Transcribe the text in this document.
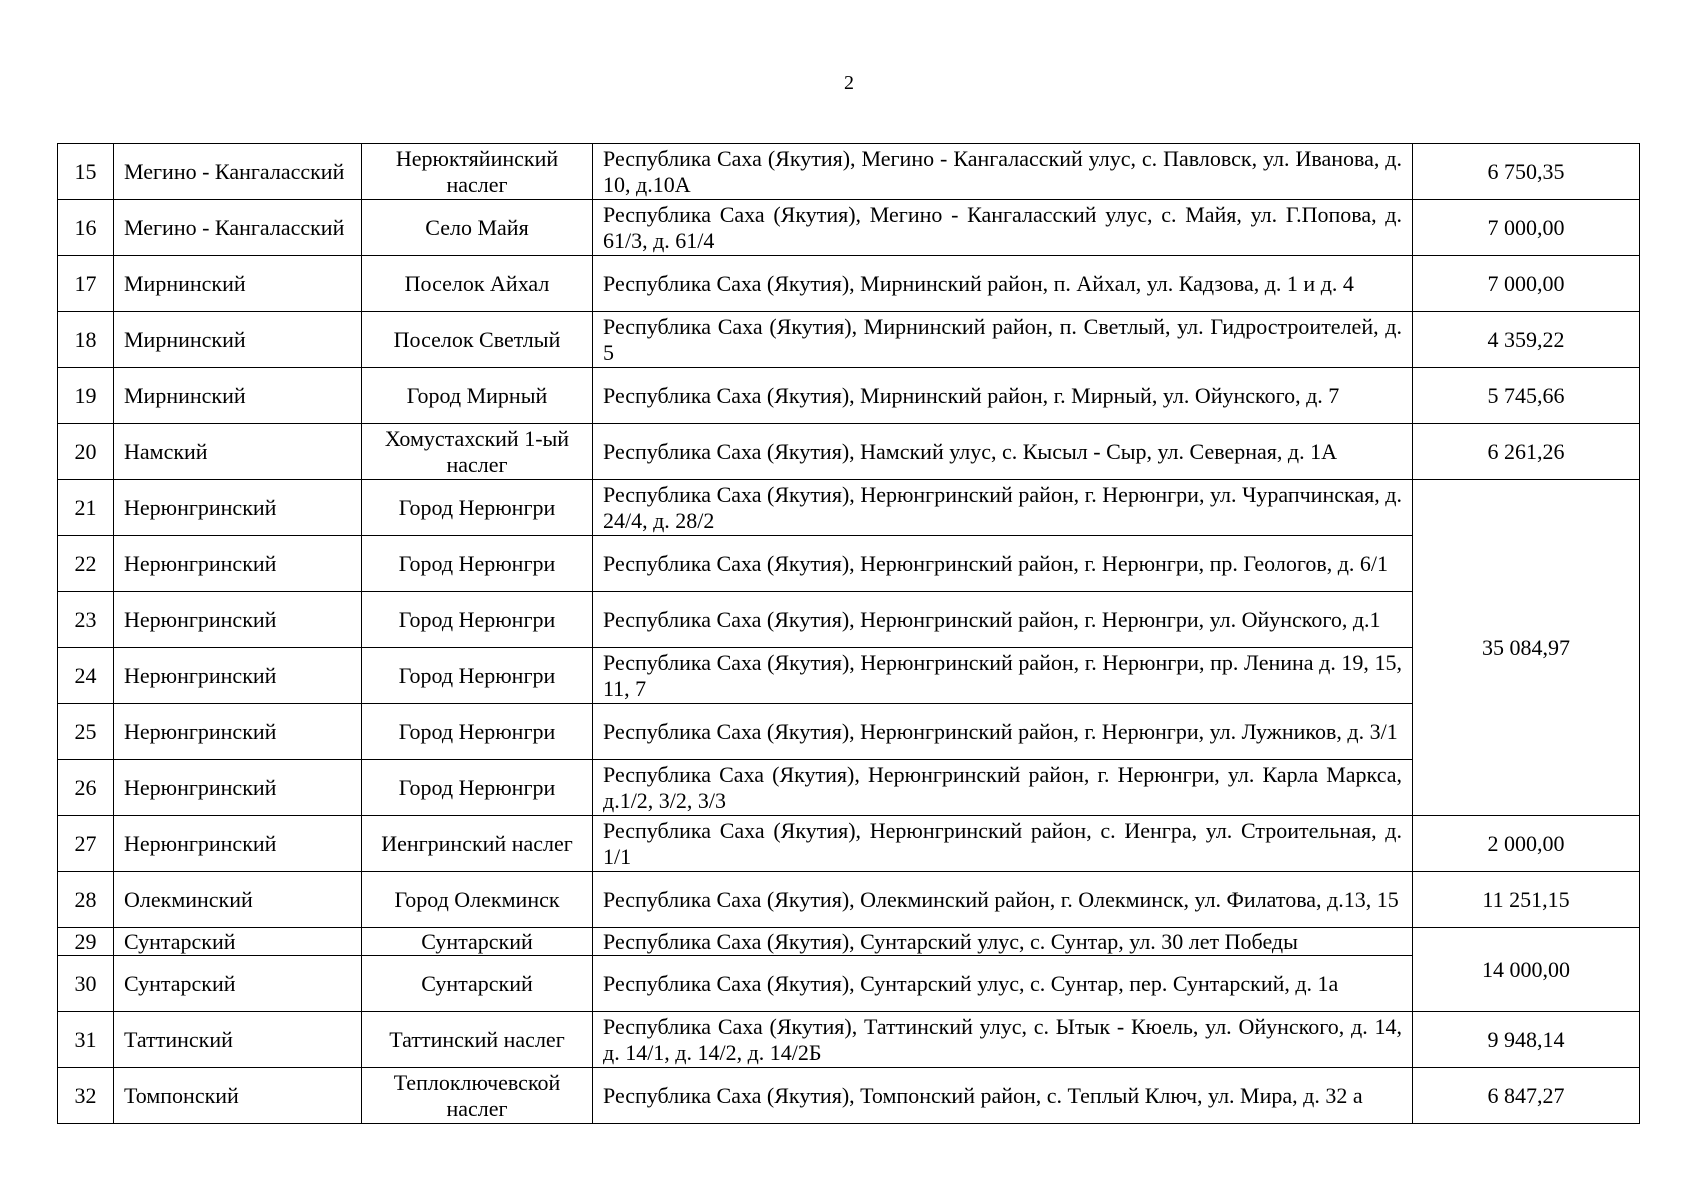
2
15	Мегино - Кангаласский	Нерюктяйинский наслег	Республика Саха (Якутия), Мегино - Кангаласский улус, с. Павловск, ул. Иванова, д. 10, д.10А	6 750,35
16	Мегино - Кангаласский	Село Майя	Республика Саха (Якутия), Мегино - Кангаласский улус, с. Майя, ул. Г.Попова, д. 61/3, д. 61/4	7 000,00
17	Мирнинский	Поселок Айхал	Республика Саха (Якутия), Мирнинский район, п. Айхал, ул. Кадзова, д. 1 и д. 4	7 000,00
18	Мирнинский	Поселок Светлый	Республика Саха (Якутия), Мирнинский район, п. Светлый, ул. Гидростроителей, д. 5	4 359,22
19	Мирнинский	Город Мирный	Республика Саха (Якутия), Мирнинский район, г. Мирный, ул. Ойунского, д. 7	5 745,66
20	Намский	Хомустахский 1-ый наслег	Республика Саха (Якутия), Намский улус, с. Кысыл - Сыр, ул. Северная, д. 1А	6 261,26
21	Нерюнгринский	Город Нерюнгри	Республика Саха (Якутия), Нерюнгринский район, г. Нерюнгри, ул. Чурапчинская, д. 24/4, д. 28/2	35 084,97
22	Нерюнгринский	Город Нерюнгри	Республика Саха (Якутия), Нерюнгринский район, г. Нерюнгри, пр. Геологов, д. 6/1	
23	Нерюнгринский	Город Нерюнгри	Республика Саха (Якутия), Нерюнгринский район, г. Нерюнгри, ул. Ойунского, д.1	
24	Нерюнгринский	Город Нерюнгри	Республика Саха (Якутия), Нерюнгринский район, г. Нерюнгри, пр. Ленина д. 19, 15, 11, 7	
25	Нерюнгринский	Город Нерюнгри	Республика Саха (Якутия), Нерюнгринский район, г. Нерюнгри, ул. Лужников, д. 3/1	
26	Нерюнгринский	Город Нерюнгри	Республика Саха (Якутия), Нерюнгринский район, г. Нерюнгри, ул. Карла Маркса, д.1/2, 3/2, 3/3	
27	Нерюнгринский	Иенгринский наслег	Республика Саха (Якутия), Нерюнгринский район, с. Иенгра, ул. Строительная, д. 1/1	2 000,00
28	Олекминский	Город Олекминск	Республика Саха (Якутия), Олекминский район, г. Олекминск, ул. Филатова, д.13, 15	11 251,15
29	Сунтарский	Сунтарский	Республика Саха (Якутия), Сунтарский улус, с. Сунтар, ул. 30 лет Победы	14 000,00
30	Сунтарский	Сунтарский	Республика Саха (Якутия), Сунтарский улус, с. Сунтар, пер. Сунтарский, д. 1а	
31	Таттинский	Таттинский наслег	Республика Саха (Якутия), Таттинский улус, с. Ытык - Кюель, ул. Ойунского, д. 14, д. 14/1, д. 14/2, д. 14/2Б	9 948,14
32	Томпонский	Теплоключевской наслег	Республика Саха (Якутия), Томпонский район, с. Теплый Ключ, ул. Мира, д. 32 а	6 847,27
